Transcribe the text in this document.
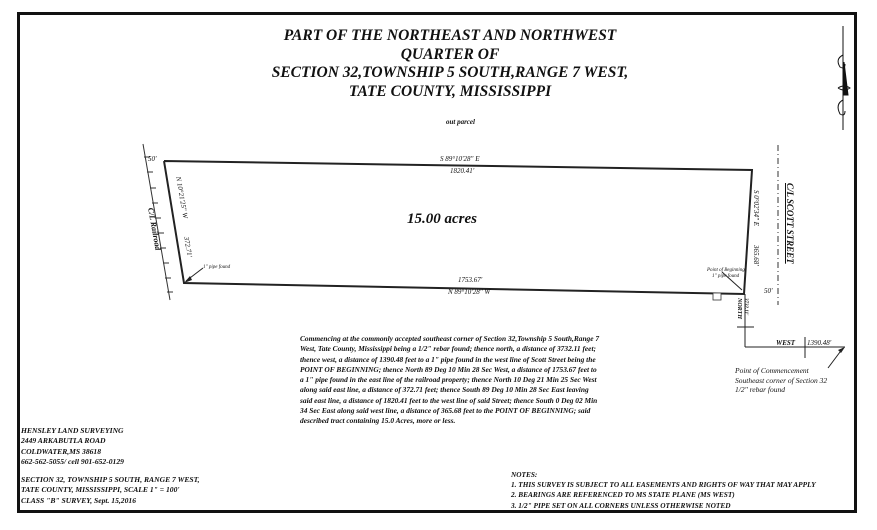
PART OF THE NORTHEAST AND NORTHWEST
QUARTER OF
SECTION 32,TOWNSHIP 5 SOUTH,RANGE 7 WEST,
TATE COUNTY, MISSISSIPPI
out parcel
S 89°10'28" E
1820.41'
1753.67'
N 89°10'28" W
15.00 acres
50'
N 10°21'25" W
372.71'
C/L Railroad
1" pipe found
S 0°02'34" E
365.68'	C/L SCOTT STREET
50'
Point of Beginning
1" pipe found
3732.11'
NORTH
WEST 1390.48'
Point of Commencement
Southeast corner of Section 32
1/2" rebar found
Commencing at the commonly accepted southeast corner of Section 32,Township 5 South,Range 7 West, Tate County, Mississippi being a 1/2" rebar found; thence north, a distance of 3732.11 feet; thence west, a distance of 1390.48 feet to a 1" pipe found in the west line of Scott Street being the POINT OF BEGINNING; thence North 89 Deg 10 Min 28 Sec West, a distance of 1753.67 feet to a 1" pipe found in the east line of the railroad property; thence North 10 Deg 21 Min 25 Sec West along said east line, a distance of 372.71 feet; thence South 89 Deg 10 Min 28 Sec East leaving said east line, a distance of 1820.41 feet to the west line of said Street; thence South 0 Deg 02 Min 34 Sec East along said west line, a distance of 365.68 feet to the POINT OF BEGINNING; said described tract containing 15.0 Acres, more or less.
HENSLEY LAND SURVEYING
2449 ARKABUTLA ROAD
COLDWATER,MS 38618
662-562-5055/ cell 901-652-0129
SECTION 32, TOWNSHIP 5 SOUTH, RANGE 7 WEST,
TATE COUNTY, MISSISSIPPI, SCALE 1" = 100'
CLASS "B" SURVEY, Sept. 15,2016
NOTES:
1. THIS SURVEY IS SUBJECT TO ALL EASEMENTS AND RIGHTS OF WAY THAT MAY APPLY
2. BEARINGS ARE REFERENCED TO MS STATE PLANE (MS WEST)
3. 1/2" PIPE SET ON ALL CORNERS UNLESS OTHERWISE NOTED
